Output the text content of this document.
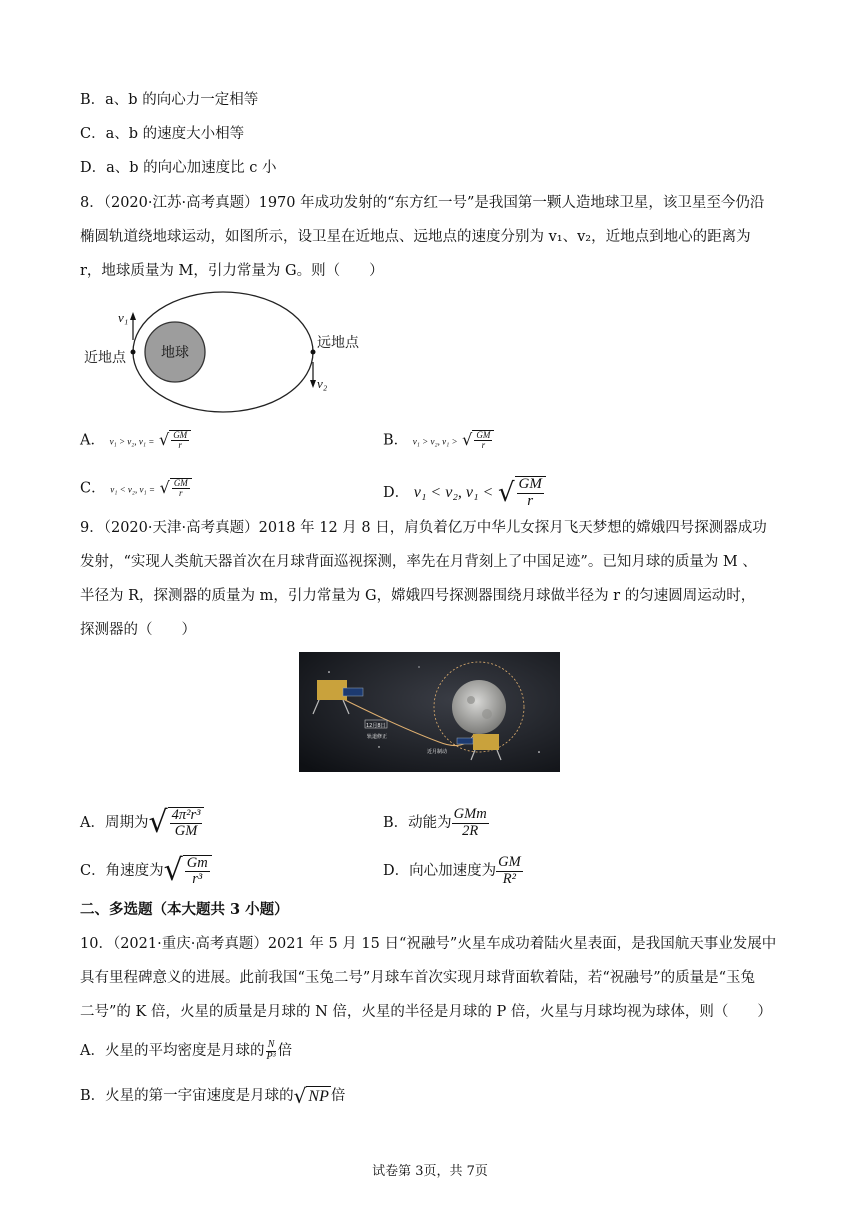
B．a、b 的向心力一定相等
C．a、b 的速度大小相等
D．a、b 的向心加速度比 c 小
8．（2020·江苏·高考真题）1970 年成功发射的“东方红一号”是我国第一颗人造地球卫星，该卫星至今仍沿
椭圆轨道绕地球运动，如图所示，设卫星在近地点、远地点的速度分别为 v₁、v₂，近地点到地心的距离为
r，地球质量为 M，引力常量为 G。则（　　）
地球
v₁
v₂
近地点
远地点
A． v₁ > v₂, v₁ = √ $\frac{GM}{r}$	B． v₁ > v₂, v₁ > √ $\frac{GM}{r}$
C． v₁ < v₂, v₁ = √ $\frac{GM}{r}$	D． v₁ < v₂, v₁ < √ $\frac{GM}{r}$
9．（2020·天津·高考真题）2018 年 12 月 8 日，肩负着亿万中华儿女探月飞天梦想的嫦娥四号探测器成功
发射，“实现人类航天器首次在月球背面巡视探测，率先在月背刻上了中国足迹”。已知月球的质量为 M 、
半径为 R，探测器的质量为 m，引力常量为 G，嫦娥四号探测器围绕月球做半径为 r 的匀速圆周运动时，
探测器的（　　）
12月8日
轨道修正
近月制动
A．周期为 √ $\frac{\text{4π²r³}}{GM}$	B．动能为 $\frac{\text{GMm}}{2R}$
C．角速度为 √ $\frac{Gm}{\text{r³}}$	D．向心加速度为 $\frac{GM}{\text{R²}}$
二、多选题（本大题共 3 小题）
10．（2021·重庆·高考真题）2021 年 5 月 15 日“祝融号”火星车成功着陆火星表面，是我国航天事业发展中
具有里程碑意义的进展。此前我国“玉兔二号”月球车首次实现月球背面软着陆，若“祝融号”的质量是“玉兔
二号”的 K 倍，火星的质量是月球的 N 倍，火星的半径是月球的 P 倍，火星与月球均视为球体，则（　　）
A．火星的平均密度是月球的 $\frac{N}{\text{P³}}$ 倍
B．火星的第一宇宙速度是月球的 √ NP 倍
试卷第 3页，共 7页
